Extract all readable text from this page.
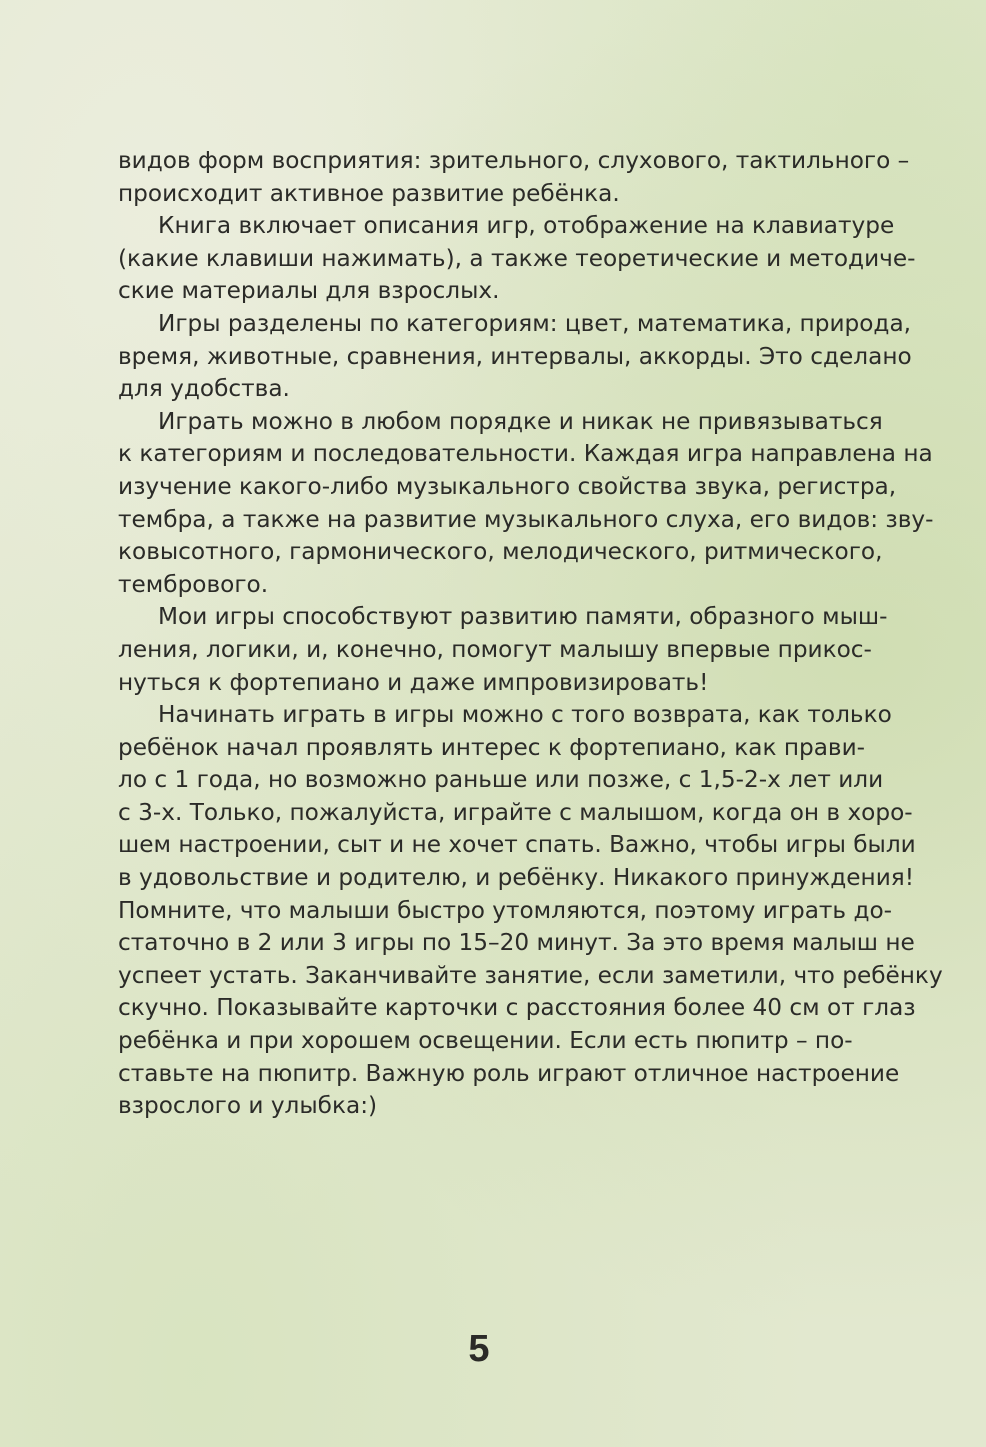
видов форм восприятия: зрительного, слухового, тактильного –
происходит активное развитие ребёнка.
Книга включает описания игр, отображение на клавиатуре
(какие клавиши нажимать), а также теоретические и методиче-
ские материалы для взрослых.
Игры разделены по категориям: цвет, математика, природа,
время, животные, сравнения, интервалы, аккорды. Это сделано
для удобства.
Играть можно в любом порядке и никак не привязываться
к категориям и последовательности. Каждая игра направлена на
изучение какого-либо музыкального свойства звука, регистра,
тембра, а также на развитие музыкального слуха, его видов: зву-
ковысотного, гармонического, мелодического, ритмического,
тембрового.
Мои игры способствуют развитию памяти, образного мыш-
ления, логики, и, конечно, помогут малышу впервые прикос-
нуться к фортепиано и даже импровизировать!
Начинать играть в игры можно с того возврата, как только
ребёнок начал проявлять интерес к фортепиано, как прави-
ло с 1 года, но возможно раньше или позже, с 1,5-2-х лет или
с 3-х. Только, пожалуйста, играйте с малышом, когда он в хоро-
шем настроении, сыт и не хочет спать. Важно, чтобы игры были
в удовольствие и родителю, и ребёнку. Никакого принуждения!
Помните, что малыши быстро утомляются, поэтому играть до-
статочно в 2 или 3 игры по 15–20 минут. За это время малыш не
успеет устать. Заканчивайте занятие, если заметили, что ребёнку
скучно. Показывайте карточки с расстояния более 40 см от глаз
ребёнка и при хорошем освещении. Если есть пюпитр – по-
ставьте на пюпитр. Важную роль играют отличное настроение
взрослого и улыбка:)
5
